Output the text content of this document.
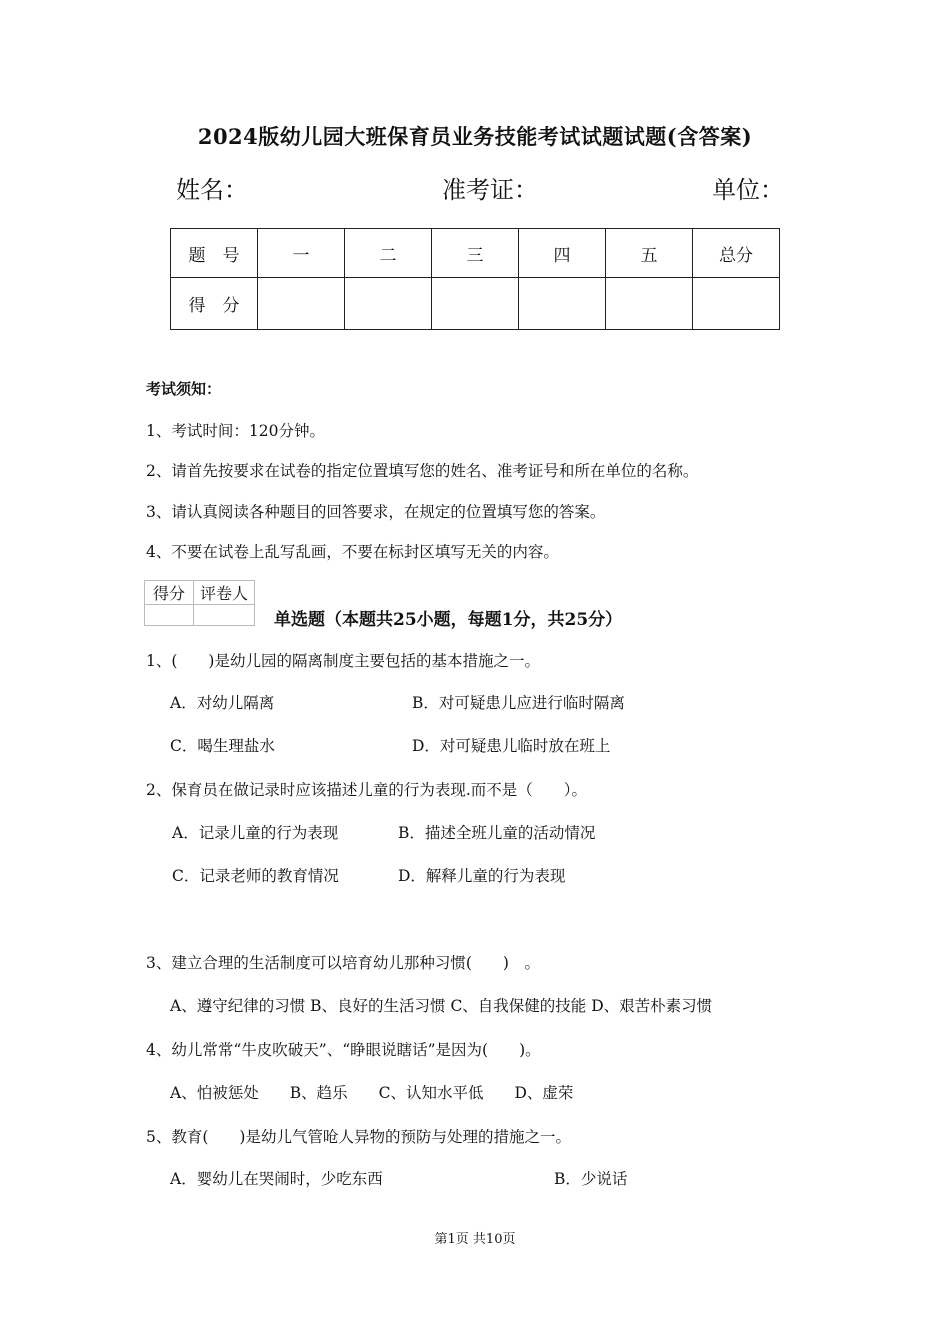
2024版幼儿园大班保育员业务技能考试试题试题(含答案)
姓名：	准考证：	单位：
题　号	一	二	三	四	五	总分
得　分						
考试须知：
1、考试时间：120分钟。
2、请首先按要求在试卷的指定位置填写您的姓名、准考证号和所在单位的名称。
3、请认真阅读各种题目的回答要求，在规定的位置填写您的答案。
4、不要在试卷上乱写乱画，不要在标封区填写无关的内容。
得分	评卷人

单选题（本题共25小题，每题1分，共25分）
1、(　　)是幼儿园的隔离制度主要包括的基本措施之一。
A．对幼儿隔离	B．对可疑患儿应进行临时隔离
C．喝生理盐水	D．对可疑患儿临时放在班上
2、保育员在做记录时应该描述儿童的行为表现.而不是（　　）。
A．记录儿童的行为表现	B．描述全班儿童的活动情况
C．记录老师的教育情况	D．解释儿童的行为表现
3、建立合理的生活制度可以培育幼儿那种习惯(　　)　。
A、遵守纪律的习惯 B、良好的生活习惯 C、自我保健的技能 D、艰苦朴素习惯
4、幼儿常常“牛皮吹破天”、“睁眼说瞎话”是因为(　　)。
A、怕被惩处　　B、趋乐　　C、认知水平低　　D、虚荣
5、教育(　　)是幼儿气管呛人异物的预防与处理的措施之一。
A．婴幼儿在哭闹时，少吃东西	B．少说话
第1页 共10页
